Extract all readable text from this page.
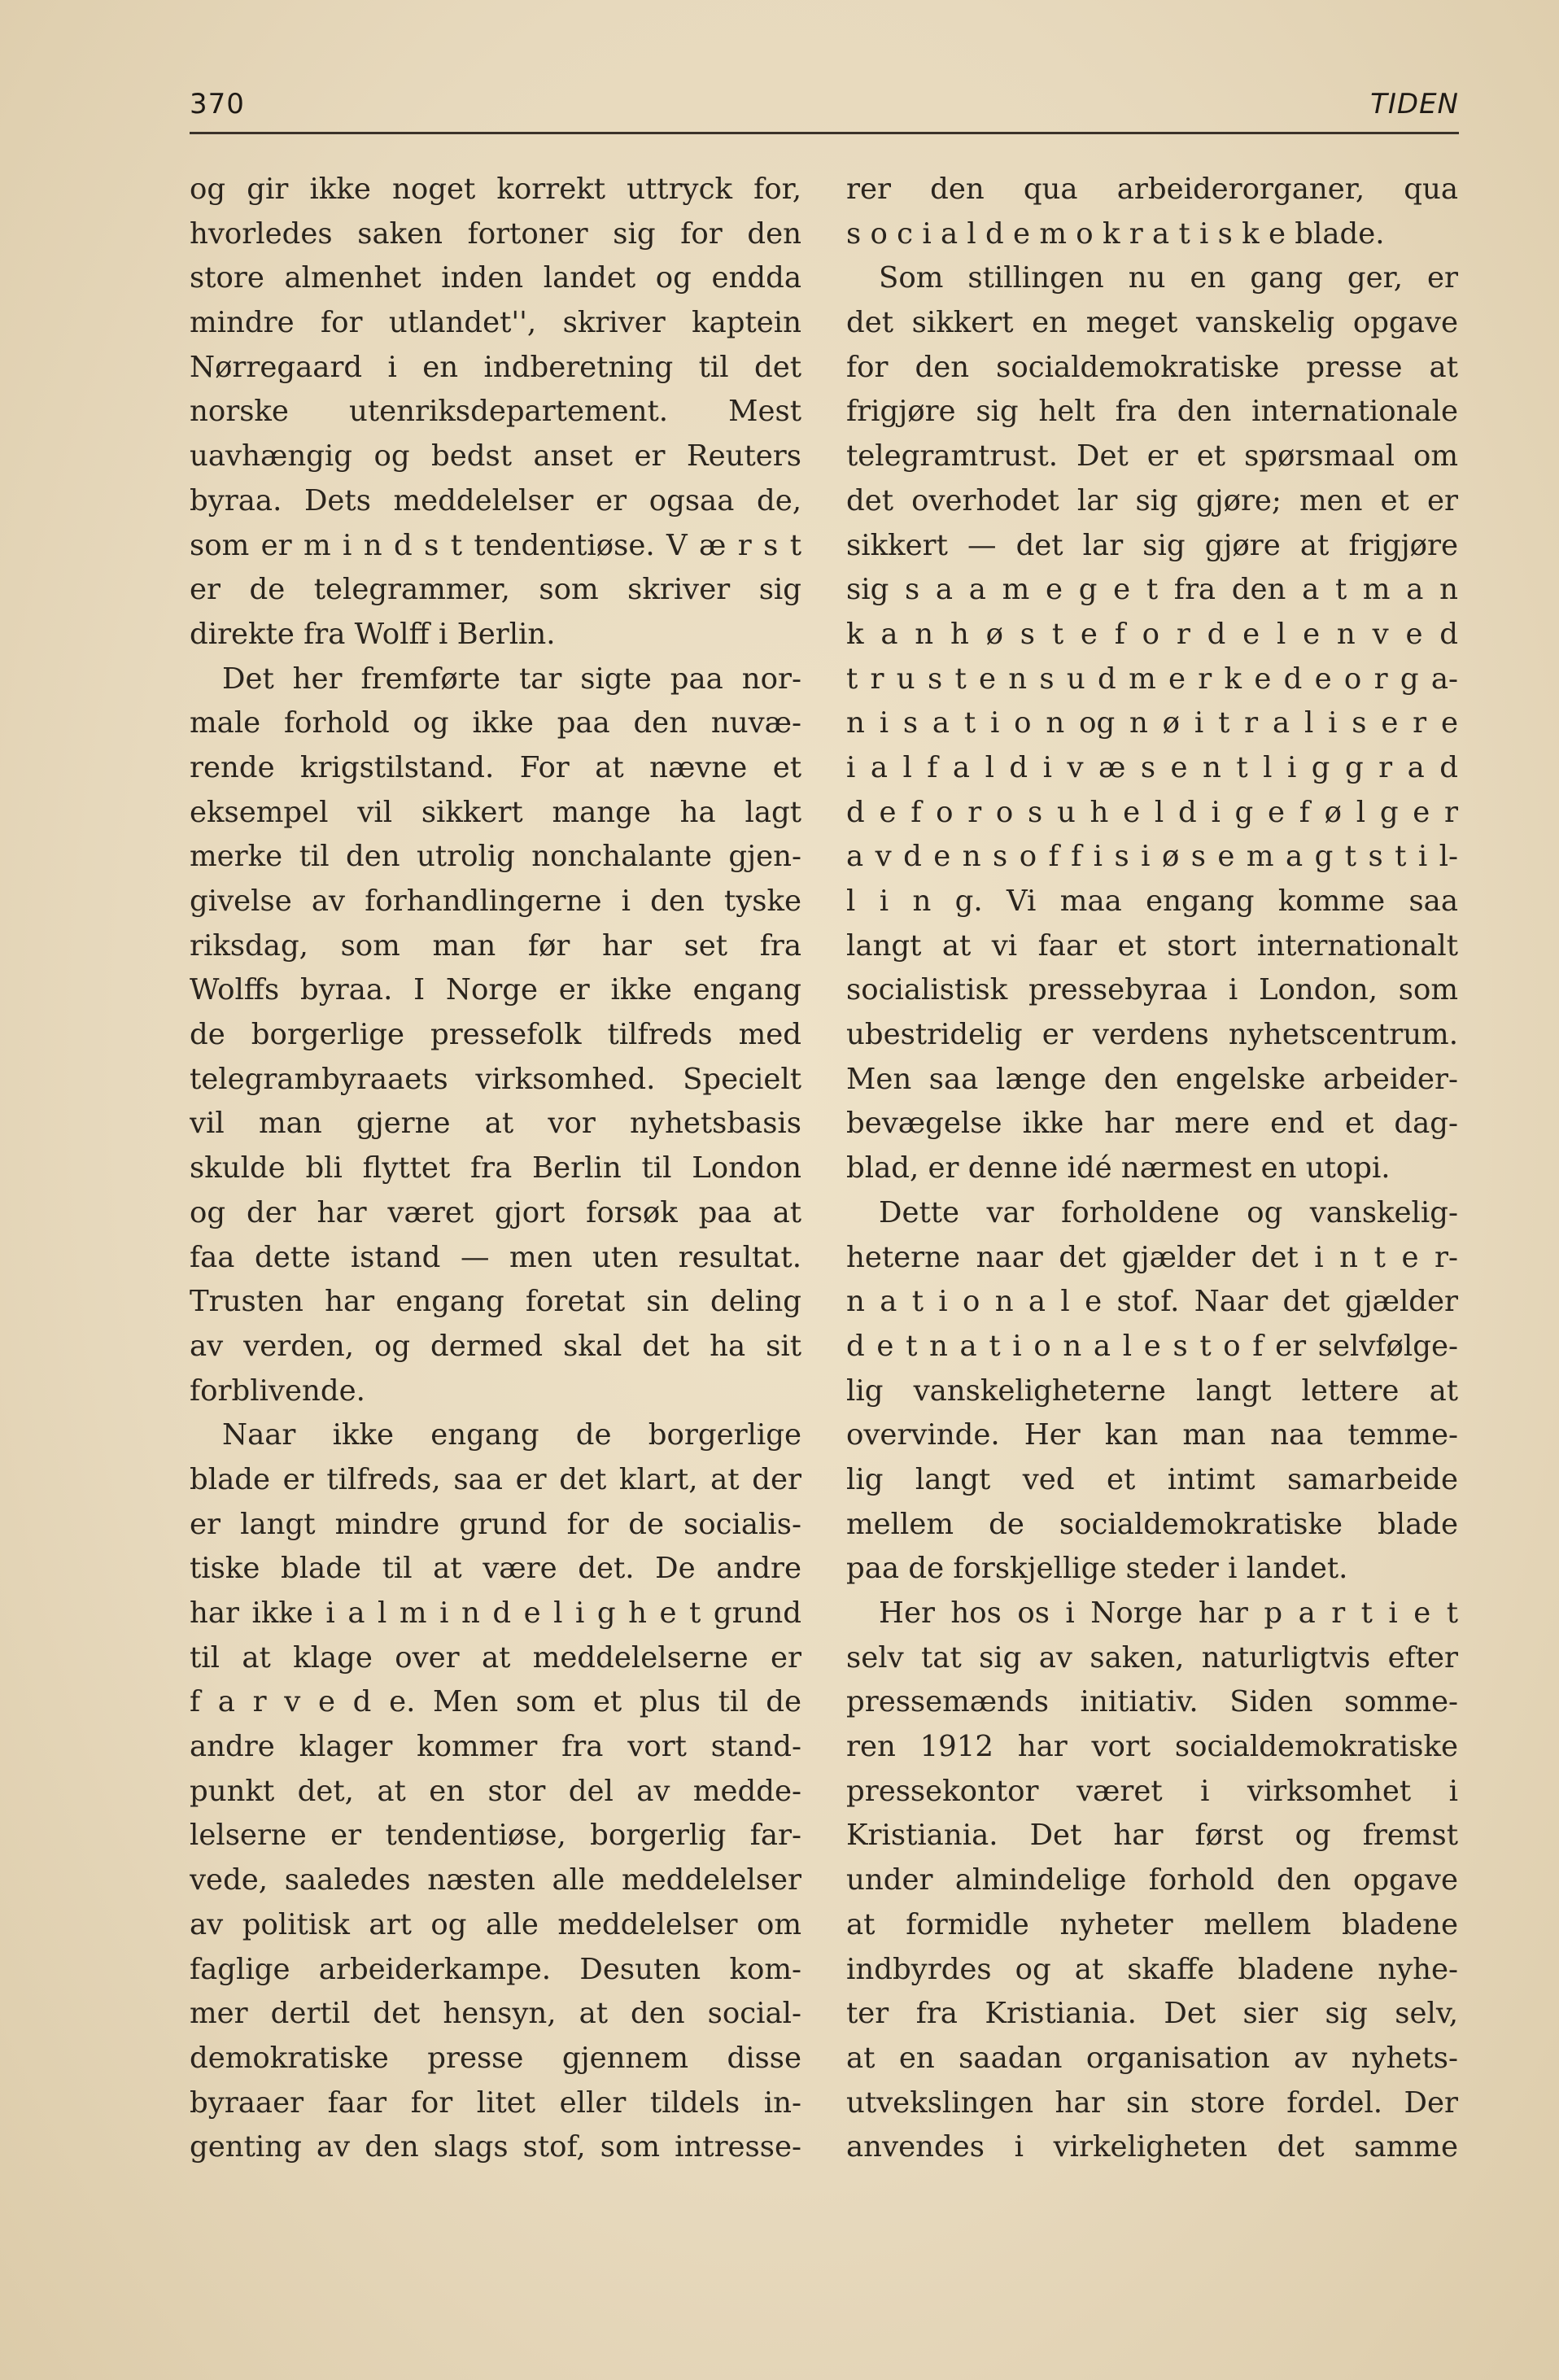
370	TIDEN
og gir ikke noget korrekt uttryck for,
hvorledes saken fortoner sig for den
store almenhet inden landet og endda
mindre for utlandet'', skriver kaptein
Nørregaard i en indberetning til det
norske utenriksdepartement. Mest
uavhængig og bedst anset er Reuters
byraa. Dets meddelelser er ogsaa de,
som er m i n d s t tendentiøse. V æ r s t
er de telegrammer, som skriver sig
direkte fra Wolff i Berlin.
Det her fremførte tar sigte paa nor-
male forhold og ikke paa den nuvæ-
rende krigstilstand. For at nævne et
eksempel vil sikkert mange ha lagt
merke til den utrolig nonchalante gjen-
givelse av forhandlingerne i den tyske
riksdag, som man før har set fra
Wolffs byraa. I Norge er ikke engang
de borgerlige pressefolk tilfreds med
telegrambyraaets virksomhed. Specielt
vil man gjerne at vor nyhetsbasis
skulde bli flyttet fra Berlin til London
og der har været gjort forsøk paa at
faa dette istand — men uten resultat.
Trusten har engang foretat sin deling
av verden, og dermed skal det ha sit
forblivende.
Naar ikke engang de borgerlige
blade er tilfreds, saa er det klart, at der
er langt mindre grund for de socialis-
tiske blade til at være det. De andre
har ikke i a l m i n d e l i g h e t grund
til at klage over at meddelelserne er
f a r v e d e. Men som et plus til de
andre klager kommer fra vort stand-
punkt det, at en stor del av medde-
lelserne er tendentiøse, borgerlig far-
vede, saaledes næsten alle meddelelser
av politisk art og alle meddelelser om
faglige arbeiderkampe. Desuten kom-
mer dertil det hensyn, at den social-
demokratiske presse gjennem disse
byraaer faar for litet eller tildels in-
genting av den slags stof, som intresse-
rer den qua arbeiderorganer, qua
s o c i a l d e m o k r a t i s k e blade.
Som stillingen nu en gang ger, er
det sikkert en meget vanskelig opgave
for den socialdemokratiske presse at
frigjøre sig helt fra den internationale
telegramtrust. Det er et spørsmaal om
det overhodet lar sig gjøre; men et er
sikkert — det lar sig gjøre at frigjøre
sig s a a m e g e t fra den a t m a n
k a n h ø s t e f o r d e l e n v e d
t r u s t e n s u d m e r k e d e o r g a-
n i s a t i o n og n ø i t r a l i s e r e
i a l f a l d i v æ s e n t l i g g r a d
d e f o r o s u h e l d i g e f ø l g e r
a v d e n s o f f i s i ø s e m a g t s t i l-
l i n g. Vi maa engang komme saa
langt at vi faar et stort internationalt
socialistisk pressebyraa i London, som
ubestridelig er verdens nyhetscentrum.
Men saa længe den engelske arbeider-
bevægelse ikke har mere end et dag-
blad, er denne idé nærmest en utopi.
Dette var forholdene og vanskelig-
heterne naar det gjælder det i n t e r-
n a t i o n a l e stof. Naar det gjælder
d e t n a t i o n a l e s t o f er selvfølge-
lig vanskeligheterne langt lettere at
overvinde. Her kan man naa temme-
lig langt ved et intimt samarbeide
mellem de socialdemokratiske blade
paa de forskjellige steder i landet.
Her hos os i Norge har p a r t i e t
selv tat sig av saken, naturligtvis efter
pressemænds initiativ. Siden somme-
ren 1912 har vort socialdemokratiske
pressekontor været i virksomhet i
Kristiania. Det har først og fremst
under almindelige forhold den opgave
at formidle nyheter mellem bladene
indbyrdes og at skaffe bladene nyhe-
ter fra Kristiania. Det sier sig selv,
at en saadan organisation av nyhets-
utvekslingen har sin store fordel. Der
anvendes i virkeligheten det samme
